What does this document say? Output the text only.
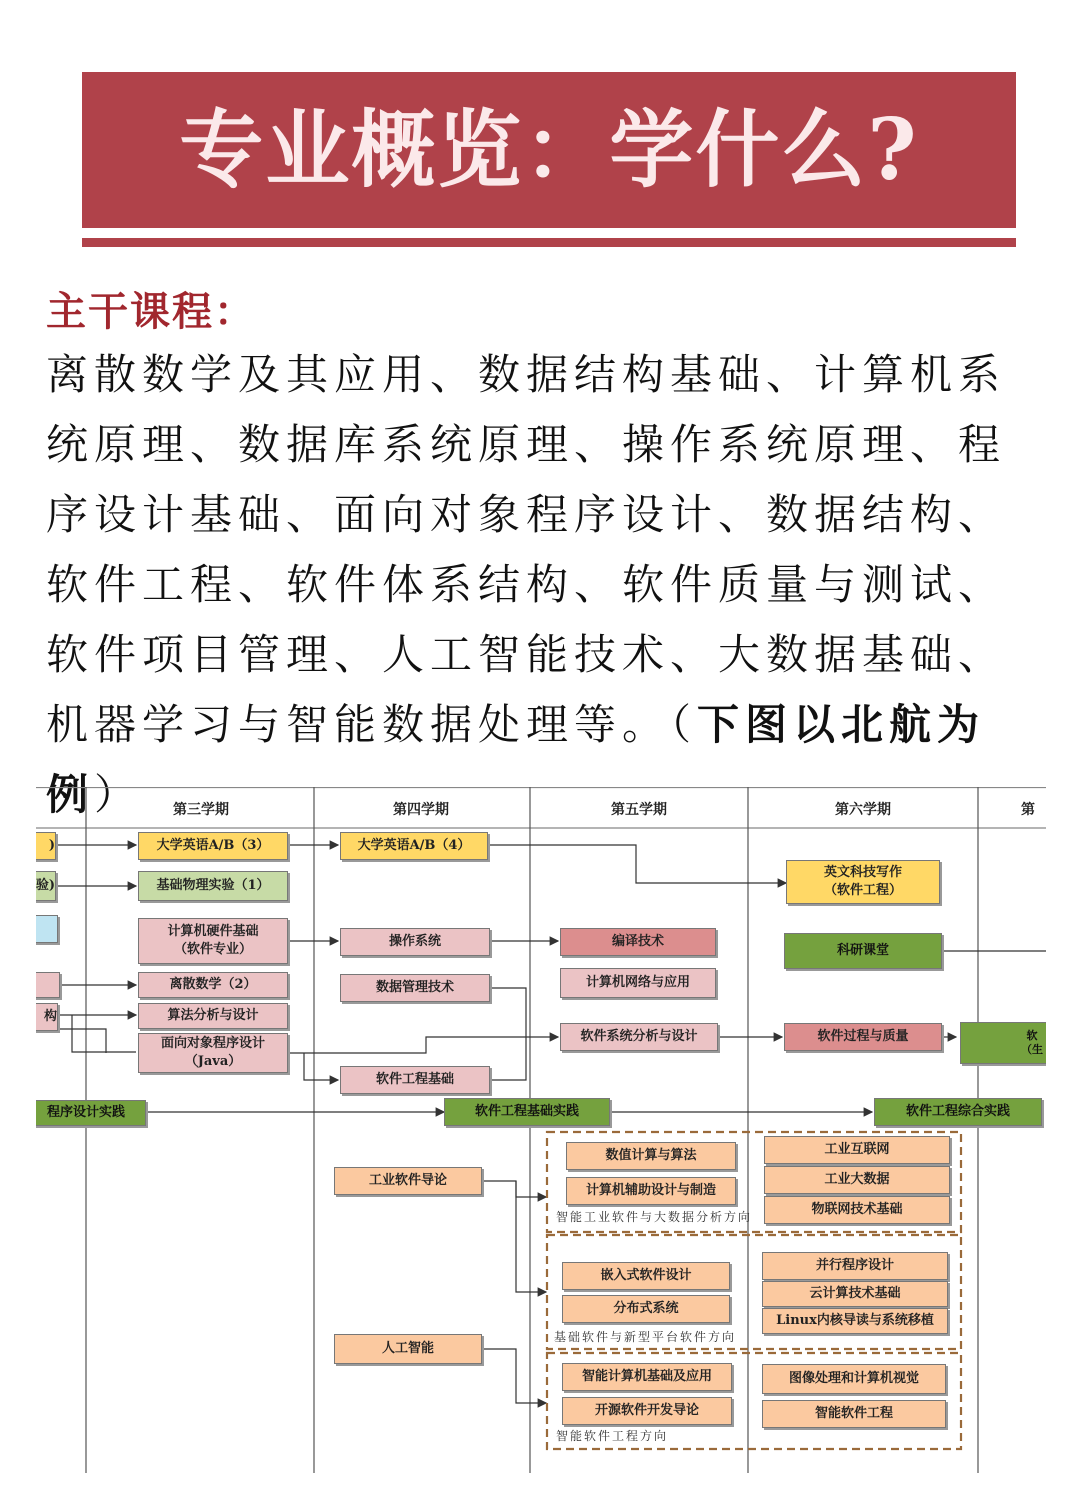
专业概览：学什么?
主干课程：
离散数学及其应用、数据结构基础、计算机系统原理、数据库系统原理、操作系统原理、程序设计基础、面向对象程序设计、数据结构、软件工程、软件体系结构、软件质量与测试、软件项目管理、人工智能技术、大数据基础、机器学习与智能数据处理等。（下图以北航为例）	第三学期	第四学期	第五学期	第六学期	第
)
验)
构
大学英语A/B（3）
基础物理实验（1）
计算机硬件基础
（软件专业）
离散数学（2）
算法分析与设计
面向对象程序设计
（Java）
大学英语A/B（4）
操作系统
数据管理技术
软件工程基础
编译技术
计算机网络与应用
软件系统分析与设计
英文科技写作
（软件工程）
科研课堂
软件过程与质量	软
（生
程序设计实践	软件工程基础实践	软件工程综合实践
工业软件导论
人工智能
数值计算与算法
计算机辅助设计与制造
工业互联网
工业大数据
物联网技术基础
智能工业软件与大数据分析方向
嵌入式软件设计
分布式系统
并行程序设计
云计算技术基础
Linux内核导读与系统移植
基础软件与新型平台软件方向
智能计算机基础及应用
开源软件开发导论
图像处理和计算机视觉
智能软件工程
智能软件工程方向
